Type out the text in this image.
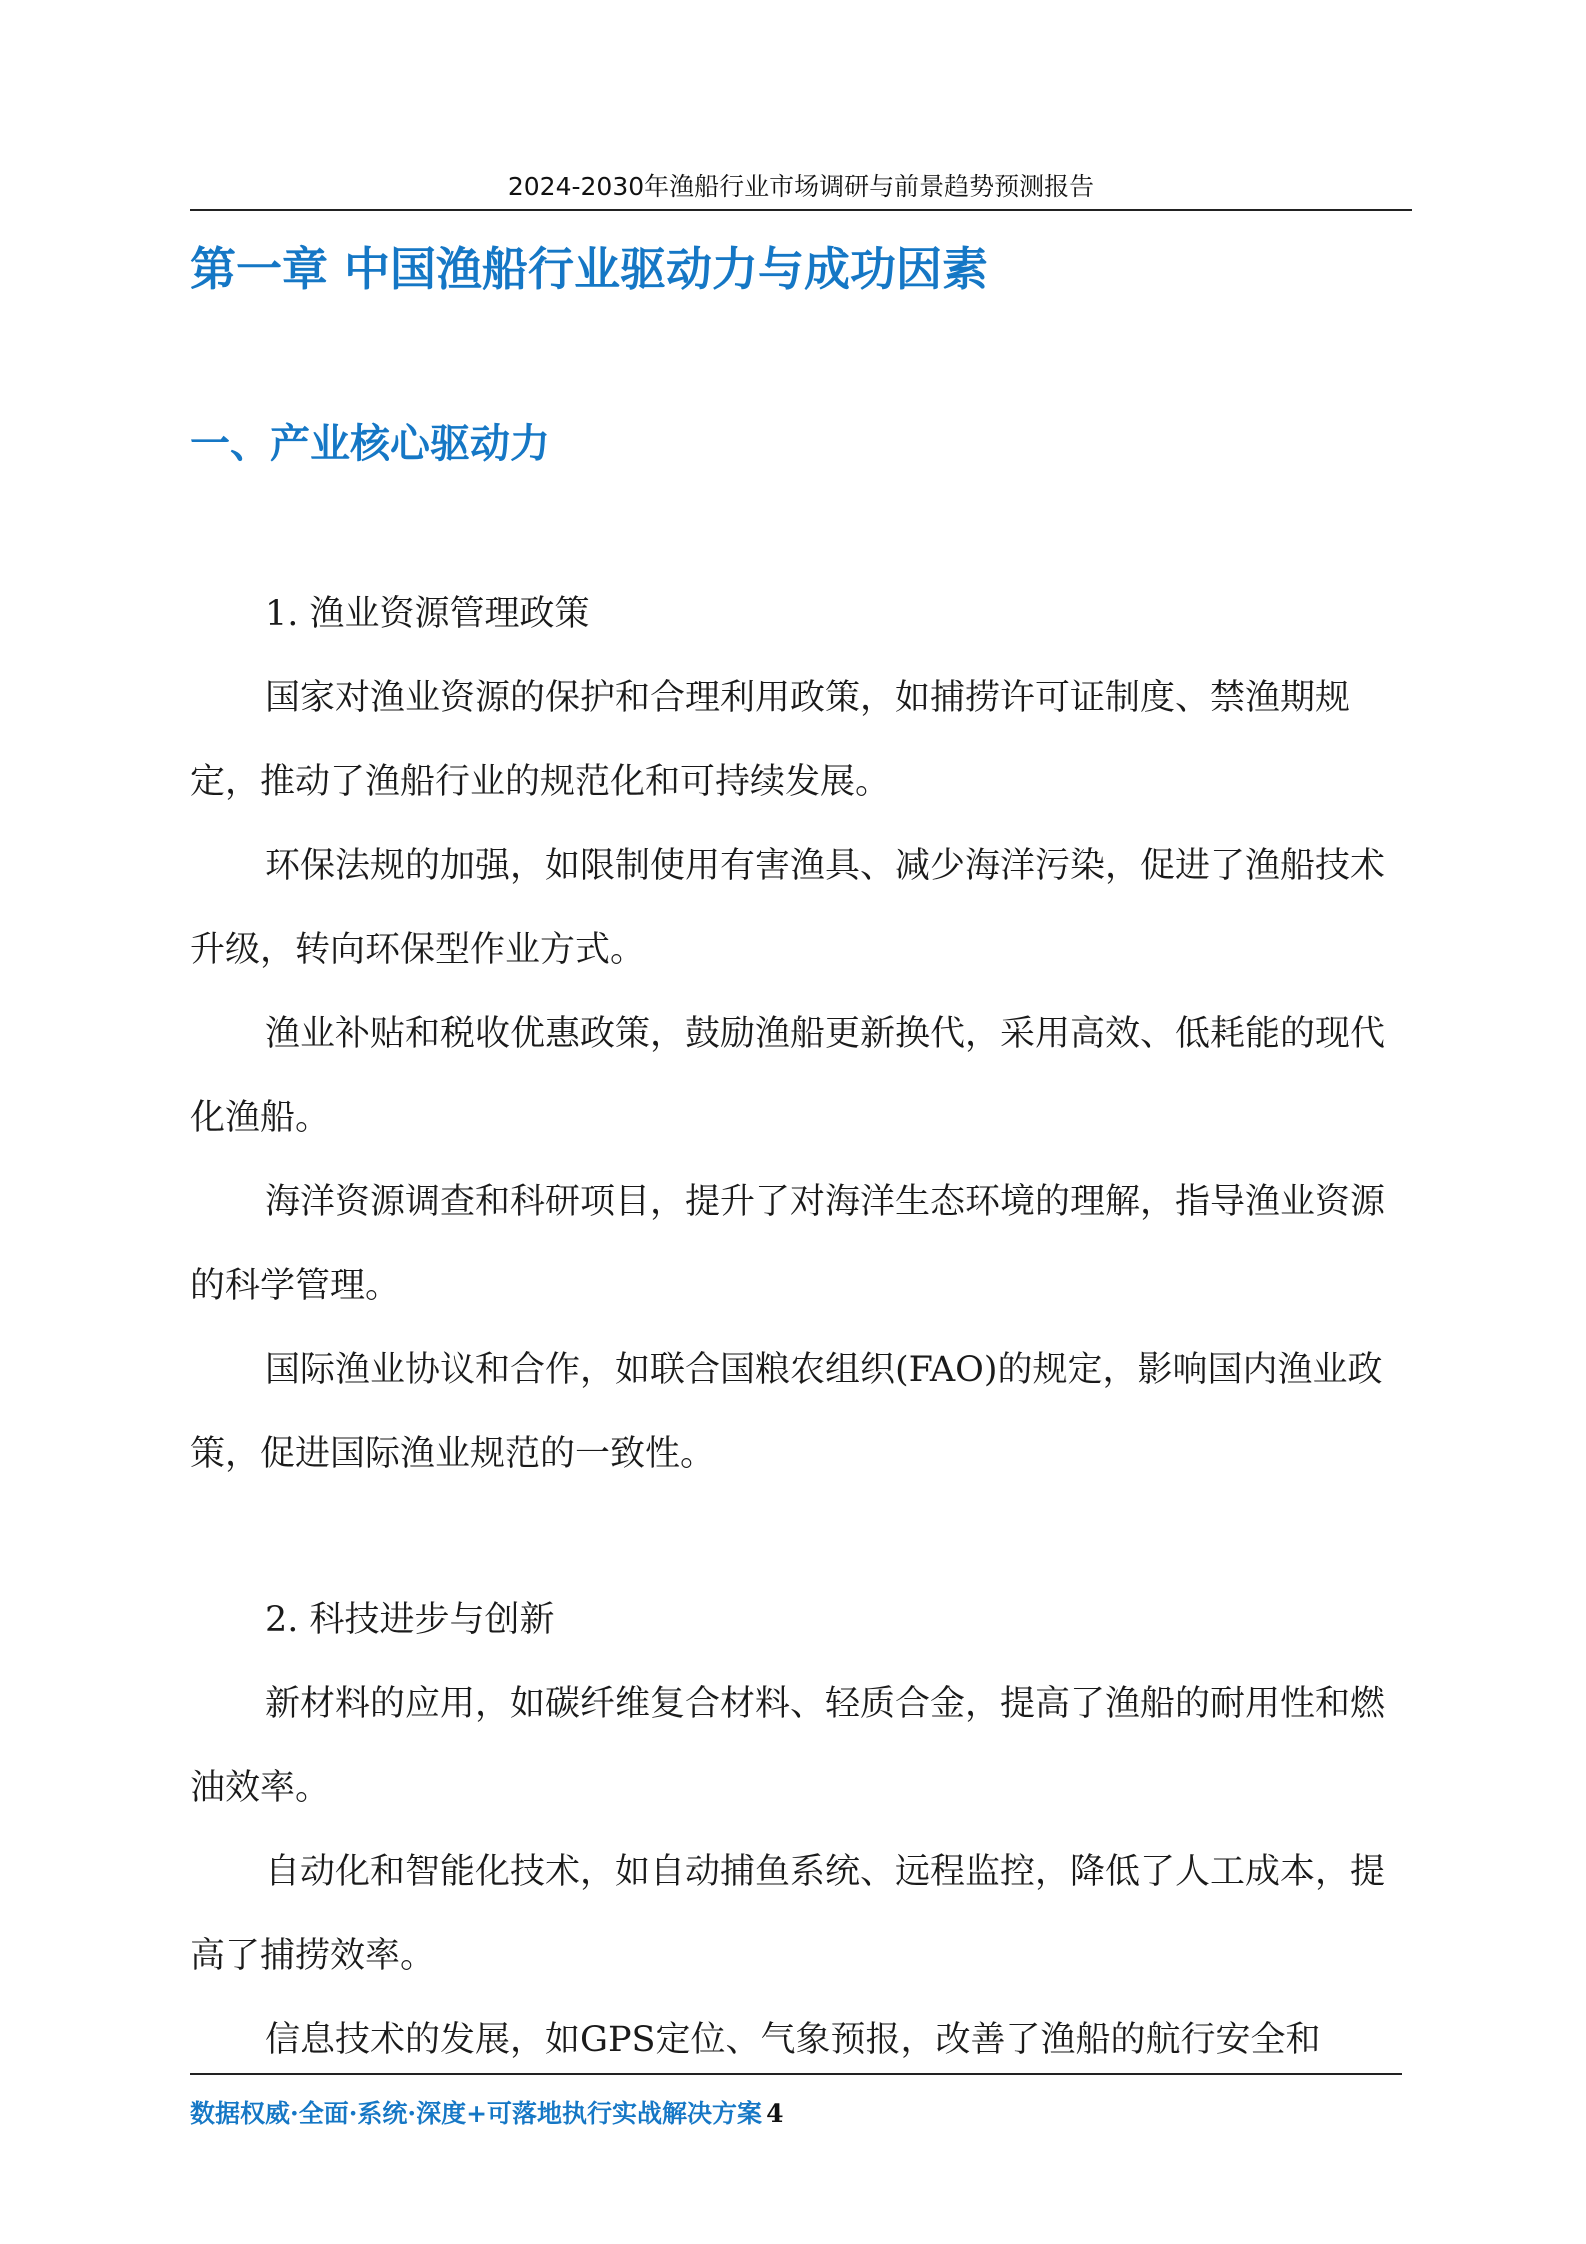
2024-2030年渔船行业市场调研与前景趋势预测报告
第一章 中国渔船行业驱动力与成功因素
一、产业核心驱动力
1. 渔业资源管理政策

国家对渔业资源的保护和合理利用政策，如捕捞许可证制度、禁渔期规定，推动了渔船行业的规范化和可持续发展。

环保法规的加强，如限制使用有害渔具、减少海洋污染，促进了渔船技术升级，转向环保型作业方式。

渔业补贴和税收优惠政策，鼓励渔船更新换代，采用高效、低耗能的现代化渔船。

海洋资源调查和科研项目，提升了对海洋生态环境的理解，指导渔业资源的科学管理。

国际渔业协议和合作，如联合国粮农组织(FAO)的规定，影响国内渔业政策，促进国际渔业规范的一致性。

2. 科技进步与创新

新材料的应用，如碳纤维复合材料、轻质合金，提高了渔船的耐用性和燃油效率。

自动化和智能化技术，如自动捕鱼系统、远程监控，降低了人工成本，提高了捕捞效率。

信息技术的发展，如GPS定位、气象预报，改善了渔船的航行安全和

数据权威·全面·系统·深度+可落地执行实战解决方案 4
